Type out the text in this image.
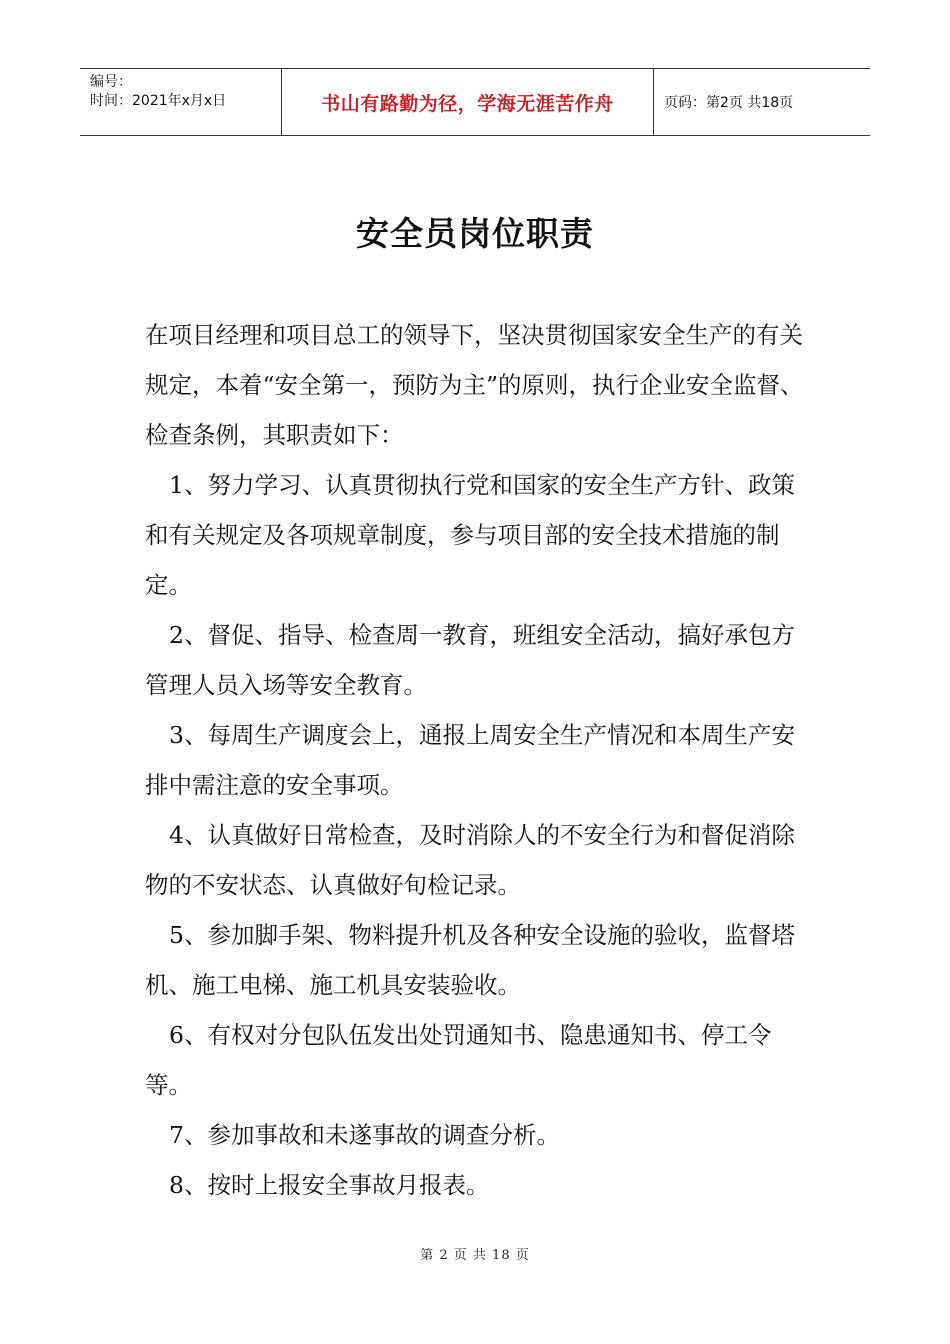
编号：
时间：2021年x月x日	书山有路勤为径，学海无涯苦作舟	页码：第2页 共18页
安全员岗位职责

在项目经理和项目总工的领导下，坚决贯彻国家安全生产的有关规定，本着“安全第一，预防为主”的原则，执行企业安全监督、检查条例，其职责如下：

1、努力学习、认真贯彻执行党和国家的安全生产方针、政策和有关规定及各项规章制度，参与项目部的安全技术措施的制定。

2、督促、指导、检查周一教育，班组安全活动，搞好承包方管理人员入场等安全教育。

3、每周生产调度会上，通报上周安全生产情况和本周生产安排中需注意的安全事项。

4、认真做好日常检查，及时消除人的不安全行为和督促消除物的不安状态、认真做好旬检记录。

5、参加脚手架、物料提升机及各种安全设施的验收，监督塔机、施工电梯、施工机具安装验收。

6、有权对分包队伍发出处罚通知书、隐患通知书、停工令等。

7、参加事故和未遂事故的调查分析。

8、按时上报安全事故月报表。

第 2 页 共 18 页
